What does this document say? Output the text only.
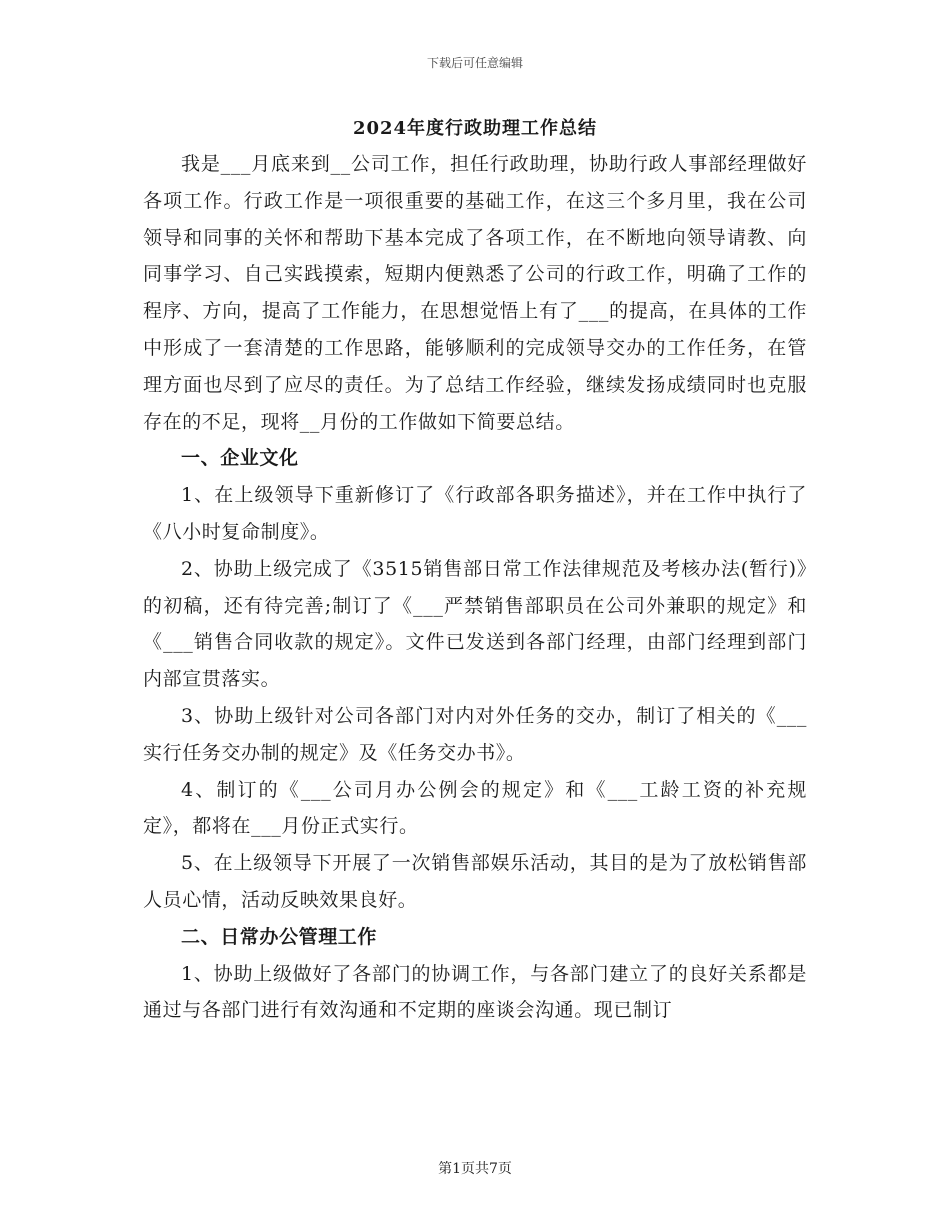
下载后可任意编辑
2024年度行政助理工作总结

我是___月底来到__公司工作，担任行政助理，协助行政人事部经理做好各项工作。行政工作是一项很重要的基础工作，在这三个多月里，我在公司领导和同事的关怀和帮助下基本完成了各项工作，在不断地向领导请教、向同事学习、自己实践摸索，短期内便熟悉了公司的行政工作，明确了工作的程序、方向，提高了工作能力，在思想觉悟上有了___的提高，在具体的工作中形成了一套清楚的工作思路，能够顺利的完成领导交办的工作任务，在管理方面也尽到了应尽的责任。为了总结工作经验，继续发扬成绩同时也克服存在的不足，现将__月份的工作做如下简要总结。

一、企业文化

1、在上级领导下重新修订了《行政部各职务描述》，并在工作中执行了《八小时复命制度》。

2、协助上级完成了《3515销售部日常工作法律规范及考核办法(暂行)》的初稿，还有待完善;制订了《___严禁销售部职员在公司外兼职的规定》和《___销售合同收款的规定》。文件已发送到各部门经理，由部门经理到部门内部宣贯落实。

3、协助上级针对公司各部门对内对外任务的交办，制订了相关的《___实行任务交办制的规定》及《任务交办书》。

4、制订的《___公司月办公例会的规定》和《___工龄工资的补充规定》，都将在___月份正式实行。

5、在上级领导下开展了一次销售部娱乐活动，其目的是为了放松销售部人员心情，活动反映效果良好。

二、日常办公管理工作

1、协助上级做好了各部门的协调工作，与各部门建立了的良好关系都是通过与各部门进行有效沟通和不定期的座谈会沟通。现已制订

第1页共7页
